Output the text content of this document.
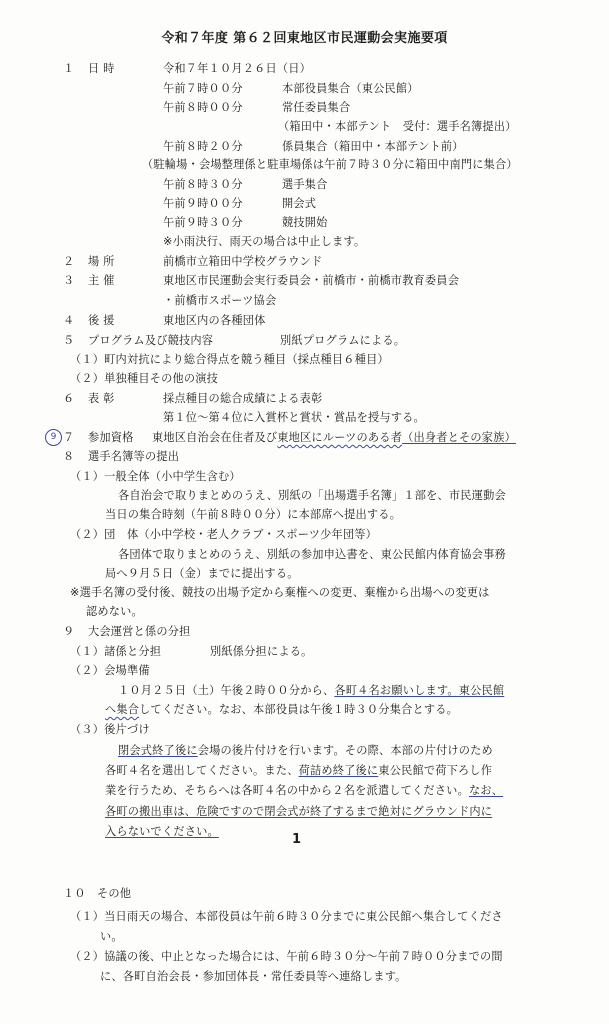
令和７年度 第６２回東地区市民運動会実施要項
１ 日 時	令和７年１０月２６日（日）
午前７時００分	本部役員集合（東公民館）
午前８時００分	常任委員集合
（箱田中・本部テント　受付：選手名簿提出）
午前８時２０分	係員集合（箱田中・本部テント前）
（駐輪場・会場整理係と駐車場係は午前７時３０分に箱田中南門に集合）
午前８時３０分	選手集合
午前９時００分	開会式
午前９時３０分	競技開始
※小雨決行、雨天の場合は中止します。
２ 場 所	前橋市立箱田中学校グラウンド
３ 主 催	東地区市民運動会実行委員会・前橋市・前橋市教育委員会
・前橋市スポーツ協会
４ 後 援	東地区内の各種団体
５ プログラム及び競技内容	別紙プログラムによる。
（１）町内対抗により総合得点を競う種目（採点種目６種目）
（２）単独種目その他の演技
６ 表 彰	採点種目の総合成績による表彰
第１位～第４位に入賞杯と賞状・賞品を授与する。
9 ７ 参加資格 東地区自治会在住者及び東地区にルーツのある者（出身者とその家族）
８ 選手名簿等の提出
（１）一般全体（小中学生含む）
各自治会で取りまとめのうえ、別紙の「出場選手名簿」１部を、市民運動会
当日の集合時刻（午前８時００分）に本部席へ提出する。
（２）団　体（小中学校・老人クラブ・スポーツ少年団等）
各団体で取りまとめのうえ、別紙の参加申込書を、東公民館内体育協会事務
局へ９月５日（金）までに提出する。
※選手名簿の受付後、競技の出場予定から棄権への変更、棄権から出場への変更は
認めない。
９ 大会運営と係の分担
（１）諸係と分担	別紙係分担による。
（２）会場準備
１０月２５日（土）午後２時００分から、各町４名お願いします。東公民館
へ集合してください。なお、本部役員は午後１時３０分集合とする。
（３）後片づけ
閉会式終了後に会場の後片付けを行います。その際、本部の片付けのため
各町４名を選出してください。また、荷詰め終了後に東公民館で荷下ろし作
業を行うため、そちらへは各町４名の中から２名を派遣してください。なお、
各町の搬出車は、危険ですので閉会式が終了するまで絶対にグラウンド内に
入らないでください。
1
１０ その他
（１）当日雨天の場合、本部役員は午前６時３０分までに東公民館へ集合してくださ
い。
（２）協議の後、中止となった場合には、午前６時３０分～午前７時００分までの間
に、各町自治会長・参加団体長・常任委員等へ連絡します。
